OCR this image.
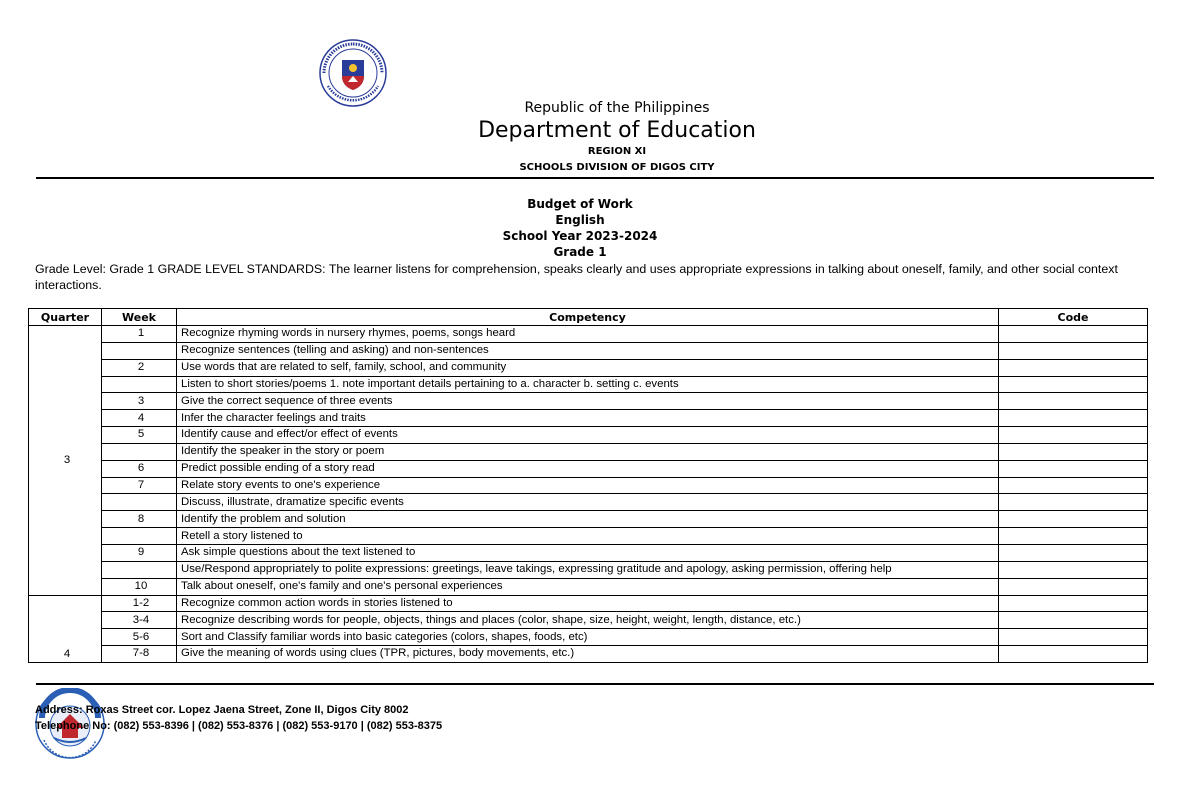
Republic of the Philippines
Department of Education
REGION XI
SCHOOLS DIVISION OF DIGOS CITY
Budget of Work
English
School Year 2023-2024
Grade 1
Grade Level: Grade 1 GRADE LEVEL STANDARDS: The learner listens for comprehension, speaks clearly and uses appropriate expressions in talking about oneself, family, and other social context interactions.
Quarter	Week	Competency	Code
3	1	Recognize rhyming words in nursery rhymes, poems, songs heard	
		Recognize sentences (telling and asking) and non-sentences	
	2	Use words that are related to self, family, school, and community	
		Listen to short stories/poems 1. note important details pertaining to a. character b. setting c. events	
	3	Give the correct sequence of three events	
	4	Infer the character feelings and traits	
	5	Identify cause and effect/or effect of events	
		Identify the speaker in the story or poem	
	6	Predict possible ending of a story read	
	7	Relate story events to one's experience	
		Discuss, illustrate, dramatize specific events	
	8	Identify the problem and solution	
		Retell a story listened to	
	9	Ask simple questions about the text listened to	
		Use/Respond appropriately to polite expressions: greetings, leave takings, expressing gratitude and apology, asking permission, offering help	
	10	Talk about oneself, one's family and one's personal experiences	
4	1-2	Recognize common action words in stories listened to	
	3-4	Recognize describing words for people, objects, things and places (color, shape, size, height, weight, length, distance, etc.)	
	5-6	Sort and Classify familiar words into basic categories (colors, shapes, foods, etc)	
	7-8	Give the meaning of words using clues (TPR, pictures, body movements, etc.)	
Address: Roxas Street cor. Lopez Jaena Street, Zone II, Digos City 8002
Telephone No: (082) 553-8396 | (082) 553-8376 | (082) 553-9170 | (082) 553-8375
